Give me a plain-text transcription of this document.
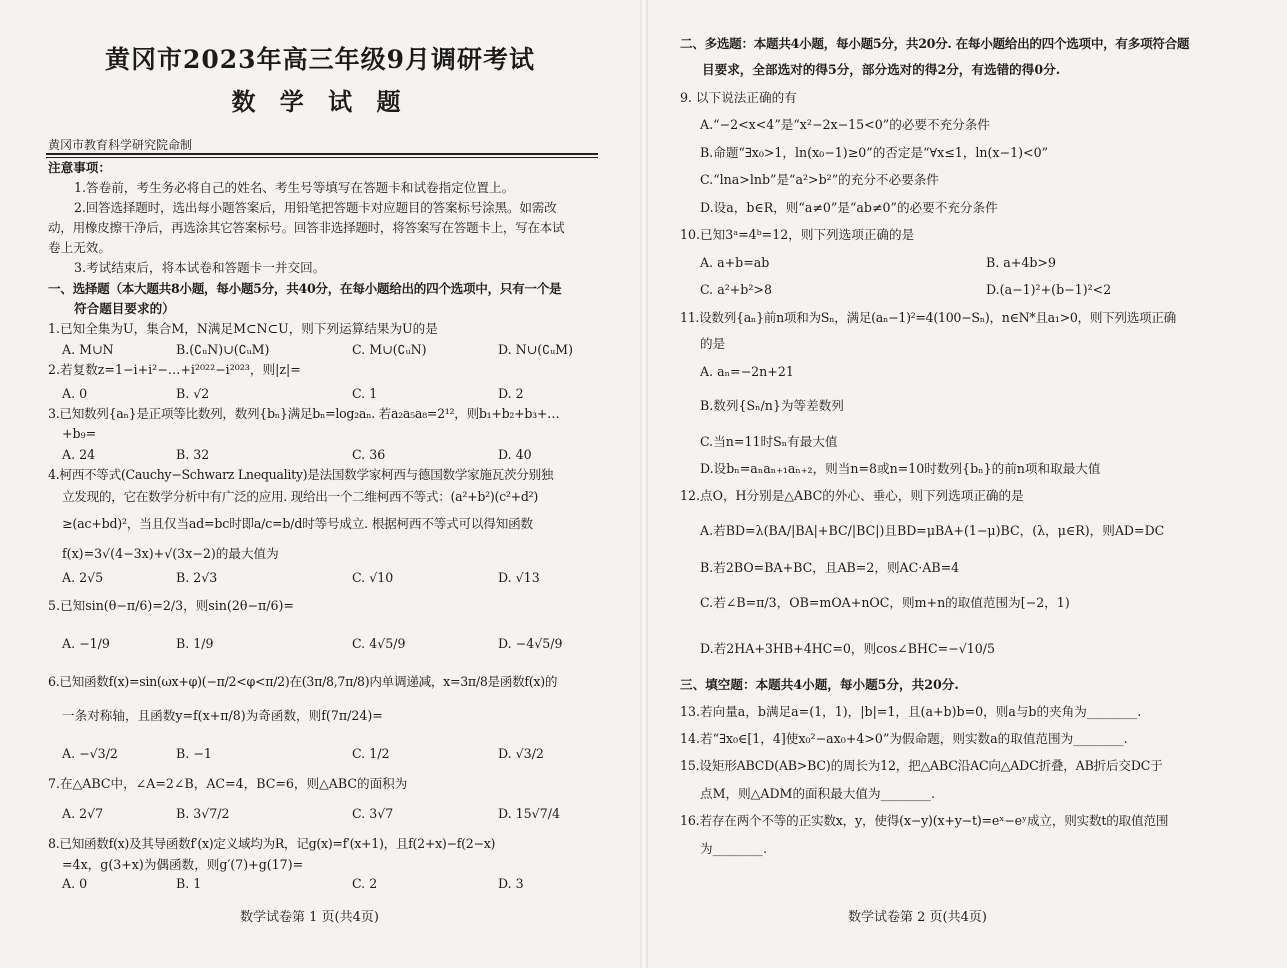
黄冈市2023年高三年级9月调研考试
数 学 试 题
黄冈市教育科学研究院命制
注意事项：
1.答卷前，考生务必将自己的姓名、考生号等填写在答题卡和试卷指定位置上。
2.回答选择题时，选出每小题答案后，用铅笔把答题卡对应题目的答案标号涂黑。如需改
动，用橡皮擦干净后，再选涂其它答案标号。回答非选择题时，将答案写在答题卡上，写在本试
卷上无效。
3.考试结束后，将本试卷和答题卡一并交回。
一、选择题（本大题共8小题，每小题5分，共40分，在每小题给出的四个选项中，只有一个是
符合题目要求的）
1.已知全集为U，集合M，N满足M⊂N⊂U，则下列运算结果为U的是
A. M∪N	B.(∁ᵤN)∪(∁ᵤM)	C. M∪(∁ᵤN)	D. N∪(∁ᵤM)
2.若复数z=1−i+i²−…+i²⁰²²−i²⁰²³，则|z|=
A. 0	B. √2	C. 1	D. 2
3.已知数列{aₙ}是正项等比数列，数列{bₙ}满足bₙ=log₂aₙ. 若a₂a₅a₈=2¹²，则b₁+b₂+b₃+…
+b₉=
A. 24	B. 32	C. 36	D. 40
4.柯西不等式(Cauchy−Schwarz Lnequality)是法国数学家柯西与德国数学家施瓦茨分别独
立发现的，它在数学分析中有广泛的应用. 现给出一个二维柯西不等式：(a²+b²)(c²+d²)
≥(ac+bd)²，当且仅当ad=bc时即a/c=b/d时等号成立. 根据柯西不等式可以得知函数
f(x)=3√(4−3x)+√(3x−2)的最大值为
A. 2√5	B. 2√3	C. √10	D. √13
5.已知sin(θ−π/6)=2/3，则sin(2θ−π/6)=
A. −1/9	B. 1/9	C. 4√5/9	D. −4√5/9
6.已知函数f(x)=sin(ωx+φ)(−π/2<φ<π/2)在(3π/8,7π/8)内单调递减，x=3π/8是函数f(x)的
一条对称轴，且函数y=f(x+π/8)为奇函数，则f(7π/24)=
A. −√3/2	B. −1	C. 1/2	D. √3/2
7.在△ABC中，∠A=2∠B，AC=4，BC=6，则△ABC的面积为
A. 2√7	B. 3√7/2	C. 3√7	D. 15√7/4
8.已知函数f(x)及其导函数f′(x)定义域均为R，记g(x)=f′(x+1)，且f(2+x)−f(2−x)
=4x，g(3+x)为偶函数，则g′(7)+g(17)=
A. 0	B. 1	C. 2	D. 3
数学试卷第 1 页(共4页)
二、多选题：本题共4小题，每小题5分，共20分. 在每小题给出的四个选项中，有多项符合题
目要求，全部选对的得5分，部分选对的得2分，有选错的得0分.
9. 以下说法正确的有
A.“−2<x<4”是“x²−2x−15<0”的必要不充分条件
B.命题“∃x₀>1，ln(x₀−1)≥0”的否定是“∀x≤1，ln(x−1)<0”
C.“lna>lnb”是“a²>b²”的充分不必要条件
D.设a，b∈R，则“a≠0”是“ab≠0”的必要不充分条件
10.已知3ᵃ=4ᵇ=12，则下列选项正确的是
A. a+b=ab	B. a+4b>9
C. a²+b²>8	D.(a−1)²+(b−1)²<2
11.设数列{aₙ}前n项和为Sₙ，满足(aₙ−1)²=4(100−Sₙ)，n∈N*且a₁>0，则下列选项正确
的是
A. aₙ=−2n+21
B.数列{Sₙ/n}为等差数列
C.当n=11时Sₙ有最大值
D.设bₙ=aₙaₙ₊₁aₙ₊₂，则当n=8或n=10时数列{bₙ}的前n项和取最大值
12.点O，H分别是△ABC的外心、垂心，则下列选项正确的是
A.若BD=λ(BA/|BA|+BC/|BC|)且BD=μBA+(1−μ)BC，(λ，μ∈R)，则AD=DC
B.若2BO=BA+BC，且AB=2，则AC·AB=4
C.若∠B=π/3，OB=mOA+nOC，则m+n的取值范围为[−2，1)
D.若2HA+3HB+4HC=0，则cos∠BHC=−√10/5
三、填空题：本题共4小题，每小题5分，共20分.
13.若向量a，b满足a=(1，1)，|b|=1，且(a+b)b=0，则a与b的夹角为________.
14.若“∃x₀∈[1，4]使x₀²−ax₀+4>0”为假命题，则实数a的取值范围为________.
15.设矩形ABCD(AB>BC)的周长为12，把△ABC沿AC向△ADC折叠，AB折后交DC于
点M，则△ADM的面积最大值为________.
16.若存在两个不等的正实数x，y，使得(x−y)(x+y−t)=eˣ−eʸ成立，则实数t的取值范围
为________.
数学试卷第 2 页(共4页)
